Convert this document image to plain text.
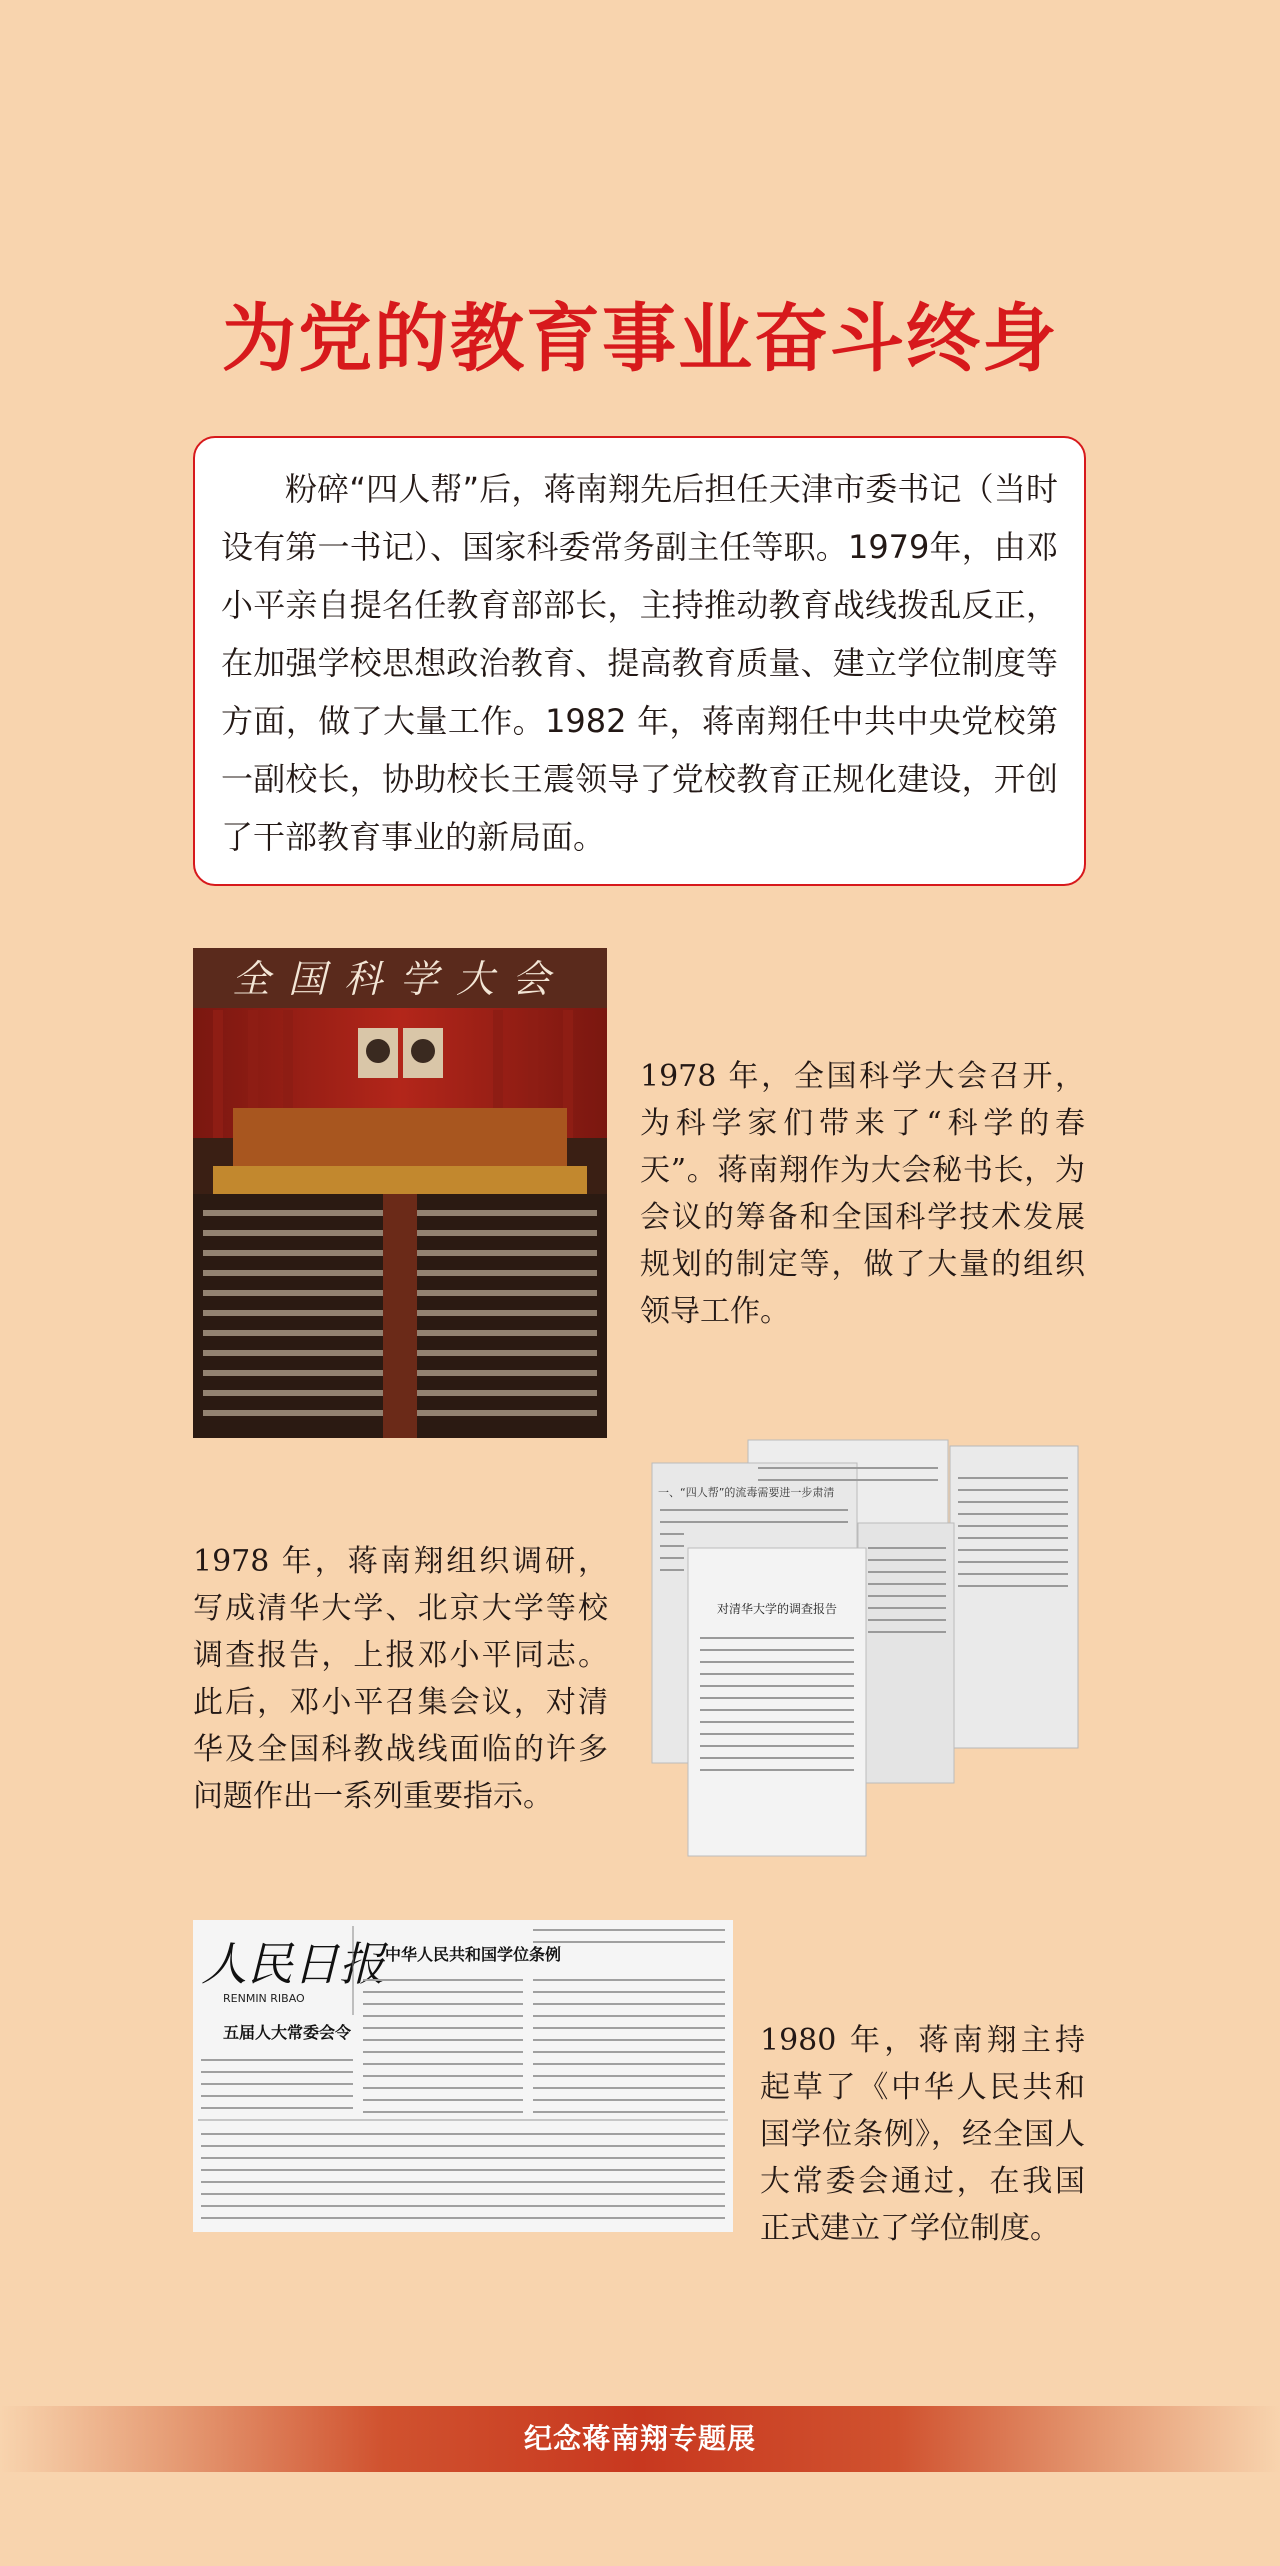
为党的教育事业奋斗终身

粉碎“四人帮”后，蒋南翔先后担任天津市委书记（当时设有第一书记）、国家科委常务副主任等职。1979年，由邓小平亲自提名任教育部部长，主持推动教育战线拨乱反正，在加强学校思想政治教育、提高教育质量、建立学位制度等方面，做了大量工作。1982 年，蒋南翔任中共中央党校第一副校长，协助校长王震领导了党校教育正规化建设，开创了干部教育事业的新局面。

全国科学大会

1978 年，全国科学大会召开，为科学家们带来了“科学的春天”。蒋南翔作为大会秘书长，为会议的筹备和全国科学技术发展规划的制定等，做了大量的组织领导工作。

1978 年，蒋南翔组织调研，写成清华大学、北京大学等校调查报告，上报邓小平同志。此后，邓小平召集会议，对清华及全国科教战线面临的许多问题作出一系列重要指示。

一、“四人帮”的流毒需要进一步肃清
对清华大学的调查报告
人民日报
RENMIN RIBAO
五届人大常委会令
中华人民共和国学位条例

1980 年，蒋南翔主持起草了《中华人民共和国学位条例》，经全国人大常委会通过，在我国正式建立了学位制度。

纪念蒋南翔专题展
